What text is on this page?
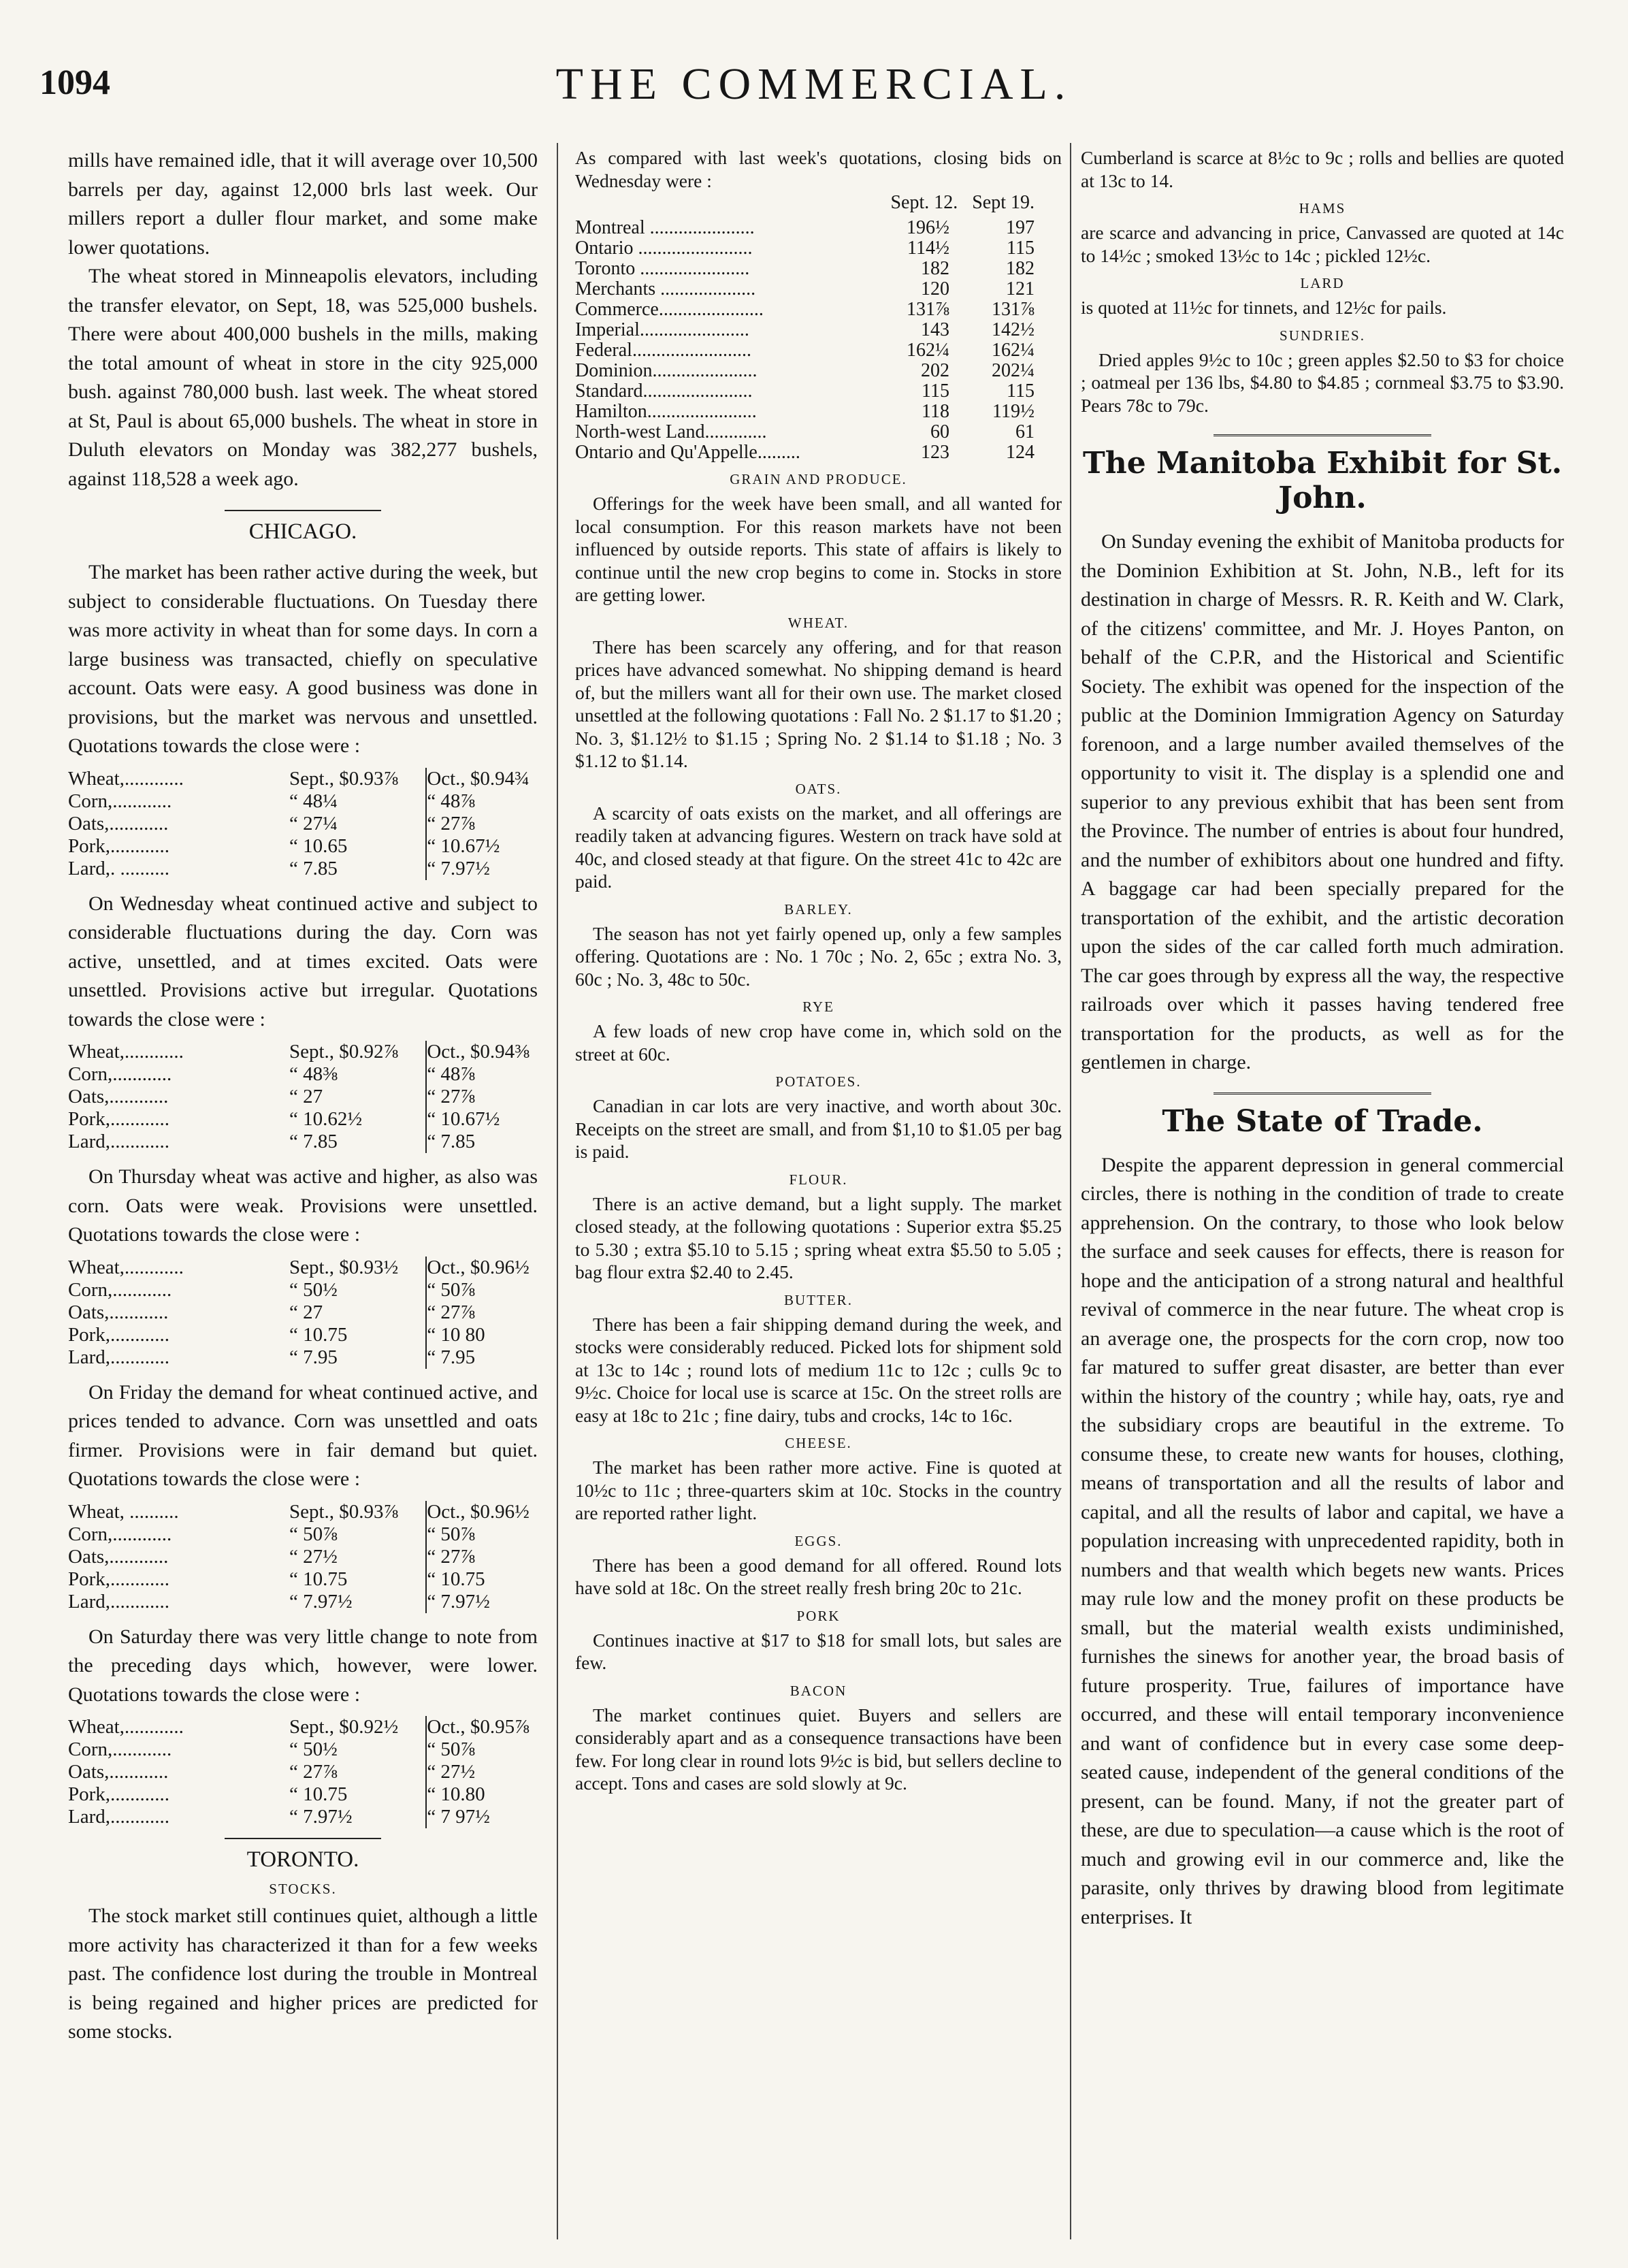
1094	THE COMMERCIAL.

mills have remained idle, that it will average over 10,500 barrels per day, against 12,000 brls last week. Our millers report a duller flour market, and some make lower quotations.

The wheat stored in Minneapolis elevators, including the transfer elevator, on Sept, 18, was 525,000 bushels. There were about 400,000 bushels in the mills, making the total amount of wheat in store in the city 925,000 bush. against 780,000 bush. last week. The wheat stored at St, Paul is about 65,000 bushels. The wheat in store in Duluth elevators on Monday was 382,277 bushels, against 118,528 a week ago.

CHICAGO.

The market has been rather active during the week, but subject to considerable fluctuations. On Tuesday there was more activity in wheat than for some days. In corn a large business was transacted, chiefly on speculative account. Oats were easy. A good business was done in provisions, but the market was nervous and unsettled. Quotations towards the close were :

Wheat,............	Sept., $0.93⅞		Oct., $0.94¾
Corn,............	“ 48¼		“ 48⅞
Oats,............	“ 27¼		“ 27⅞
Pork,............	“ 10.65		“ 10.67½
Lard,. ..........	“ 7.85		“ 7.97½

On Wednesday wheat continued active and subject to considerable fluctuations during the day. Corn was active, unsettled, and at times excited. Oats were unsettled. Provisions active but irregular. Quotations towards the close were :

Wheat,............	Sept., $0.92⅞		Oct., $0.94⅜
Corn,............	“ 48⅜		“ 48⅞
Oats,............	“ 27		“ 27⅞
Pork,............	“ 10.62½		“ 10.67½
Lard,............	“ 7.85		“ 7.85

On Thursday wheat was active and higher, as also was corn. Oats were weak. Provisions were unsettled. Quotations towards the close were :

Wheat,............	Sept., $0.93½		Oct., $0.96½
Corn,............	“ 50½		“ 50⅞
Oats,............	“ 27		“ 27⅞
Pork,............	“ 10.75		“ 10 80
Lard,............	“ 7.95		“ 7.95

On Friday the demand for wheat continued active, and prices tended to advance. Corn was unsettled and oats firmer. Provisions were in fair demand but quiet. Quotations towards the close were :

Wheat, ..........	Sept., $0.93⅞		Oct., $0.96½
Corn,............	“ 50⅞		“ 50⅞
Oats,............	“ 27½		“ 27⅞
Pork,............	“ 10.75		“ 10.75
Lard,............	“ 7.97½		“ 7.97½

On Saturday there was very little change to note from the preceding days which, however, were lower. Quotations towards the close were :

Wheat,............	Sept., $0.92½		Oct., $0.95⅞
Corn,............	“ 50½		“ 50⅞
Oats,............	“ 27⅞		“ 27½
Pork,............	“ 10.75		“ 10.80
Lard,............	“ 7.97½		“ 7 97½
TORONTO.
STOCKS.

The stock market still continues quiet, although a little more activity has characterized it than for a few weeks past. The confidence lost during the trouble in Montreal is being regained and higher prices are predicted for some stocks.

As compared with last week's quotations, closing bids on Wednesday were :

Sept. 12. Sept 19.
Montreal ......................	196½	197
Ontario ........................	114½	115
Toronto .......................	182	182
Merchants ....................	120	121
Commerce......................	131⅞	131⅞
Imperial.......................	143	142½
Federal.........................	162¼	162¼
Dominion......................	202	202¼
Standard.......................	115	115
Hamilton.......................	118	119½
North-west Land.............	60	61
Ontario and Qu'Appelle.........	123	124
GRAIN AND PRODUCE.

Offerings for the week have been small, and all wanted for local consumption. For this reason markets have not been influenced by outside reports. This state of affairs is likely to continue until the new crop begins to come in. Stocks in store are getting lower.

WHEAT.

There has been scarcely any offering, and for that reason prices have advanced somewhat. No shipping demand is heard of, but the millers want all for their own use. The market closed unsettled at the following quotations : Fall No. 2 $1.17 to $1.20 ; No. 3, $1.12½ to $1.15 ; Spring No. 2 $1.14 to $1.18 ; No. 3 $1.12 to $1.14.

OATS.

A scarcity of oats exists on the market, and all offerings are readily taken at advancing figures. Western on track have sold at 40c, and closed steady at that figure. On the street 41c to 42c are paid.

BARLEY.

The season has not yet fairly opened up, only a few samples offering. Quotations are : No. 1 70c ; No. 2, 65c ; extra No. 3, 60c ; No. 3, 48c to 50c.

RYE

A few loads of new crop have come in, which sold on the street at 60c.

POTATOES.

Canadian in car lots are very inactive, and worth about 30c. Receipts on the street are small, and from $1,10 to $1.05 per bag is paid.

FLOUR.

There is an active demand, but a light supply. The market closed steady, at the following quotations : Superior extra $5.25 to 5.30 ; extra $5.10 to 5.15 ; spring wheat extra $5.50 to 5.05 ; bag flour extra $2.40 to 2.45.

BUTTER.

There has been a fair shipping demand during the week, and stocks were considerably reduced. Picked lots for shipment sold at 13c to 14c ; round lots of medium 11c to 12c ; culls 9c to 9½c. Choice for local use is scarce at 15c. On the street rolls are easy at 18c to 21c ; fine dairy, tubs and crocks, 14c to 16c.

CHEESE.

The market has been rather more active. Fine is quoted at 10½c to 11c ; three-quarters skim at 10c. Stocks in the country are reported rather light.

EGGS.

There has been a good demand for all offered. Round lots have sold at 18c. On the street really fresh bring 20c to 21c.

PORK

Continues inactive at $17 to $18 for small lots, but sales are few.

BACON

The market continues quiet. Buyers and sellers are considerably apart and as a consequence transactions have been few. For long clear in round lots 9½c is bid, but sellers decline to accept. Tons and cases are sold slowly at 9c.

Cumberland is scarce at 8½c to 9c ; rolls and bellies are quoted at 13c to 14.

HAMS

are scarce and advancing in price, Canvassed are quoted at 14c to 14½c ; smoked 13½c to 14c ; pickled 12½c.

LARD

is quoted at 11½c for tinnets, and 12½c for pails.

SUNDRIES.

Dried apples 9½c to 10c ; green apples $2.50 to $3 for choice ; oatmeal per 136 lbs, $4.80 to $4.85 ; cornmeal $3.75 to $3.90. Pears 78c to 79c.

The Manitoba Exhibit for St. John.

On Sunday evening the exhibit of Manitoba products for the Dominion Exhibition at St. John, N.B., left for its destination in charge of Messrs. R. R. Keith and W. Clark, of the citizens' committee, and Mr. J. Hoyes Panton, on behalf of the C.P.R, and the Historical and Scientific Society. The exhibit was opened for the inspection of the public at the Dominion Immigration Agency on Saturday forenoon, and a large number availed themselves of the opportunity to visit it. The display is a splendid one and superior to any previous exhibit that has been sent from the Province. The number of entries is about four hundred, and the number of exhibitors about one hundred and fifty. A baggage car had been specially prepared for the transportation of the exhibit, and the artistic decoration upon the sides of the car called forth much admiration. The car goes through by express all the way, the respective railroads over which it passes having tendered free transportation for the products, as well as for the gentlemen in charge.

The State of Trade.

Despite the apparent depression in general commercial circles, there is nothing in the condition of trade to create apprehension. On the contrary, to those who look below the surface and seek causes for effects, there is reason for hope and the anticipation of a strong natural and healthful revival of commerce in the near future. The wheat crop is an average one, the prospects for the corn crop, now too far matured to suffer great disaster, are better than ever within the history of the country ; while hay, oats, rye and the subsidiary crops are beautiful in the extreme. To consume these, to create new wants for houses, clothing, means of transportation and all the results of labor and capital, and all the results of labor and capital, we have a population increasing with unprecedented rapidity, both in numbers and that wealth which begets new wants. Prices may rule low and the money profit on these products be small, but the material wealth exists undiminished, furnishes the sinews for another year, the broad basis of future prosperity. True, failures of importance have occurred, and these will entail temporary inconvenience and want of confidence but in every case some deep-seated cause, independent of the general conditions of the present, can be found. Many, if not the greater part of these, are due to speculation—a cause which is the root of much and growing evil in our commerce and, like the parasite, only thrives by drawing blood from legitimate enterprises. It
